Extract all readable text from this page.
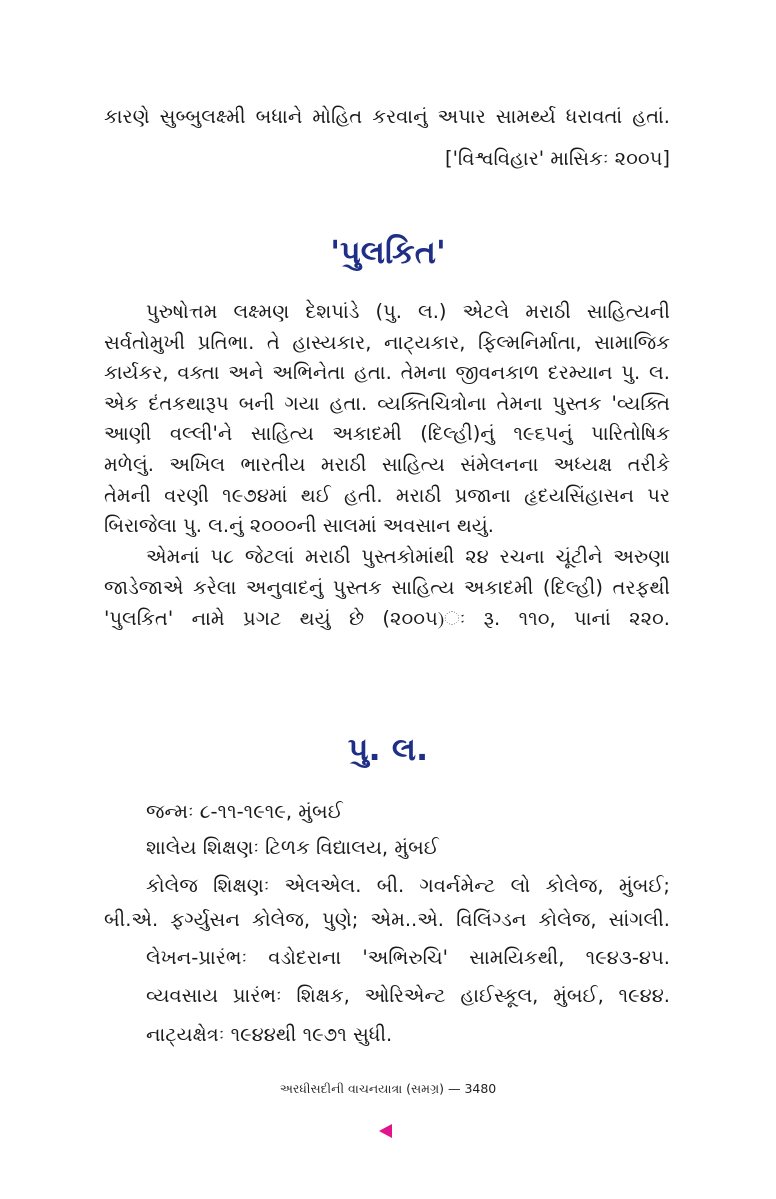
કારણે સુબ્બુલક્ષ્મી બધાને મોહિત કરવાનું અપાર સામર્થ્ય ધરાવતાં હતાં.
['વિશ્વવિહાર' માસિકઃ ૨૦૦૫]
'પુલકિત'
પુરુષોત્તમ લક્ષ્મણ દેશપાંડે (પુ. લ.) એટલે મરાઠી સાહિત્યની
સર્વતોમુખી પ્રતિભા. તે હાસ્યકાર, નાટ્યકાર, ફિલ્મનિર્માતા, સામાજિક
કાર્યકર, વક્તા અને અભિનેતા હતા. તેમના જીવનકાળ દરમ્યાન પુ. લ.
એક દંતકથારૂપ બની ગયા હતા. વ્યક્તિચિત્રોના તેમના પુસ્તક 'વ્યક્તિ
આણી વલ્લી'ને સાહિત્ય અકાદમી (દિલ્હી)નું ૧૯૬૫નું પારિતોષિક
મળેલું. અખિલ ભારતીય મરાઠી સાહિત્ય સંમેલનના અધ્યક્ષ તરીકે
તેમની વરણી ૧૯૭૪માં થઈ હતી. મરાઠી પ્રજાના હૃદયસિંહાસન પર
બિરાજેલા પુ. લ.નું ૨૦૦૦ની સાલમાં અવસાન થયું.
એમનાં ૫૮ જેટલાં મરાઠી પુસ્તકોમાંથી ૨૪ રચના ચૂંટીને અરુણા
જાડેજાએ કરેલા અનુવાદનું પુસ્તક સાહિત્ય અકાદમી (દિલ્હી) તરફથી
'પુલકિત' નામે પ્રગટ થયું છે (૨૦૦૫)ઃ રૂ. ૧૧૦, પાનાં ૨૨૦.
પુ. લ.
જન્મઃ ૮-૧૧-૧૯૧૯, મુંબઈ
શાલેય શિક્ષણઃ ટિળક વિદ્યાલય, મુંબઈ
કોલેજ શિક્ષણઃ એલએલ. બી. ગવર્નમેન્ટ લો કોલેજ, મુંબઈ;
બી.એ. ફર્ગ્યુસન કોલેજ, પુણે; એમ..એ. વિલિંગ્ડન કોલેજ, સાંગલી.
લેખન-પ્રારંભઃ વડોદરાના 'અભિરુચિ' સામયિકથી, ૧૯૪૩-૪૫.
વ્યવસાય પ્રારંભઃ શિક્ષક, ઓરિએન્ટ હાઈસ્કૂલ, મુંબઈ, ૧૯૪૪.
નાટ્યક્ષેત્રઃ ૧૯૪૪થી ૧૯૭૧ સુધી.
અરધીસદીની વાચનયાત્રા (સમગ્ર) — 3480
